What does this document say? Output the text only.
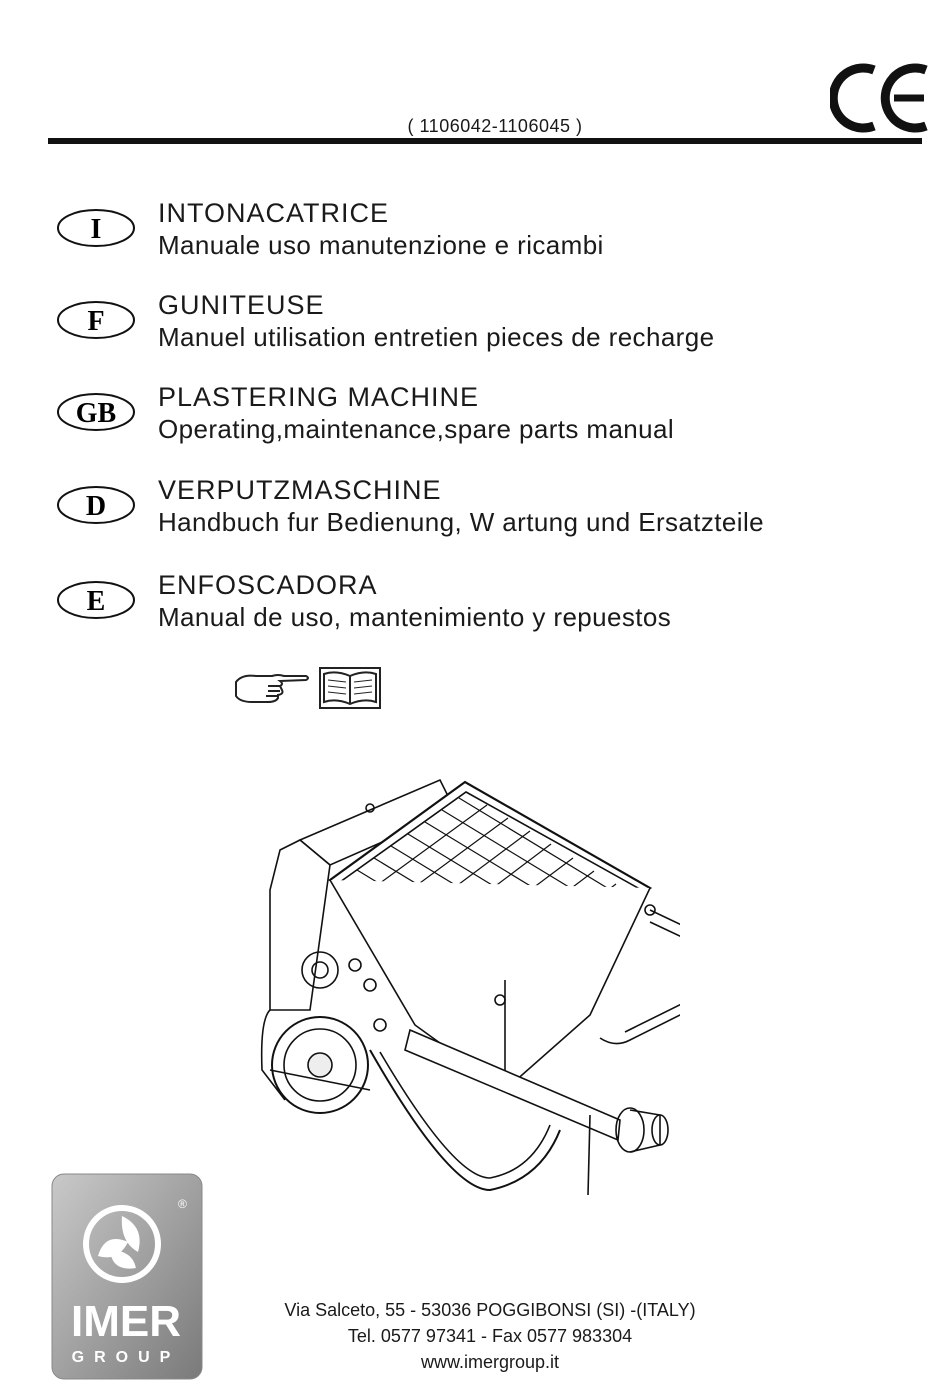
( 1106042-1106045 )
I
INTONACATRICE
Manuale uso manutenzione e ricambi
F
GUNITEUSE
Manuel utilisation entretien pieces de recharge
GB
PLASTERING MACHINE
Operating,maintenance,spare parts manual
D
VERPUTZMASCHINE
Handbuch fur Bedienung, W artung und Ersatzteile
E
ENFOSCADORA
Manual de uso, mantenimiento y repuestos
®
IMER
GROUP
Via Salceto, 55 - 53036 POGGIBONSI (SI) -(ITALY)
Tel. 0577 97341 - Fax 0577 983304
www.imergroup.it
